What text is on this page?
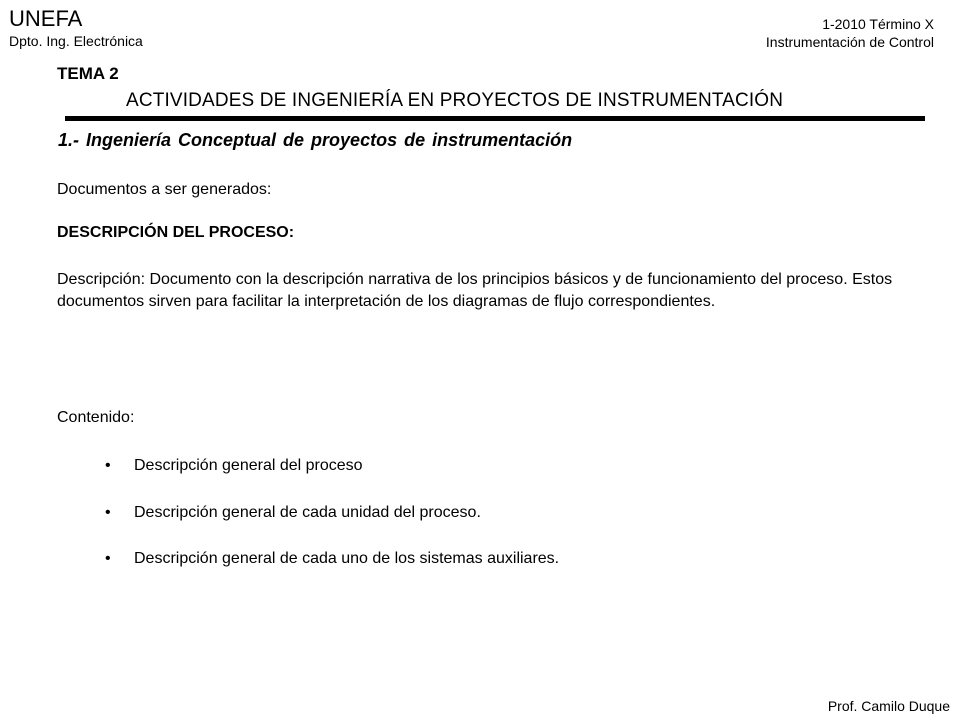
UNEFA
Dpto. Ing. Electrónica
1-2010 Término X
Instrumentación de Control
TEMA 2
ACTIVIDADES DE INGENIERÍA EN PROYECTOS DE INSTRUMENTACIÓN
1.- Ingeniería Conceptual de proyectos de instrumentación
Documentos a ser generados:
DESCRIPCIÓN DEL PROCESO:
Descripción: Documento con la descripción narrativa de los principios básicos y de funcionamiento del proceso. Estos documentos sirven para facilitar la interpretación de los diagramas de flujo correspondientes.
Contenido:
• Descripción general del proceso
• Descripción general de cada unidad del proceso.
• Descripción general de cada uno de los sistemas auxiliares.
Prof. Camilo Duque
